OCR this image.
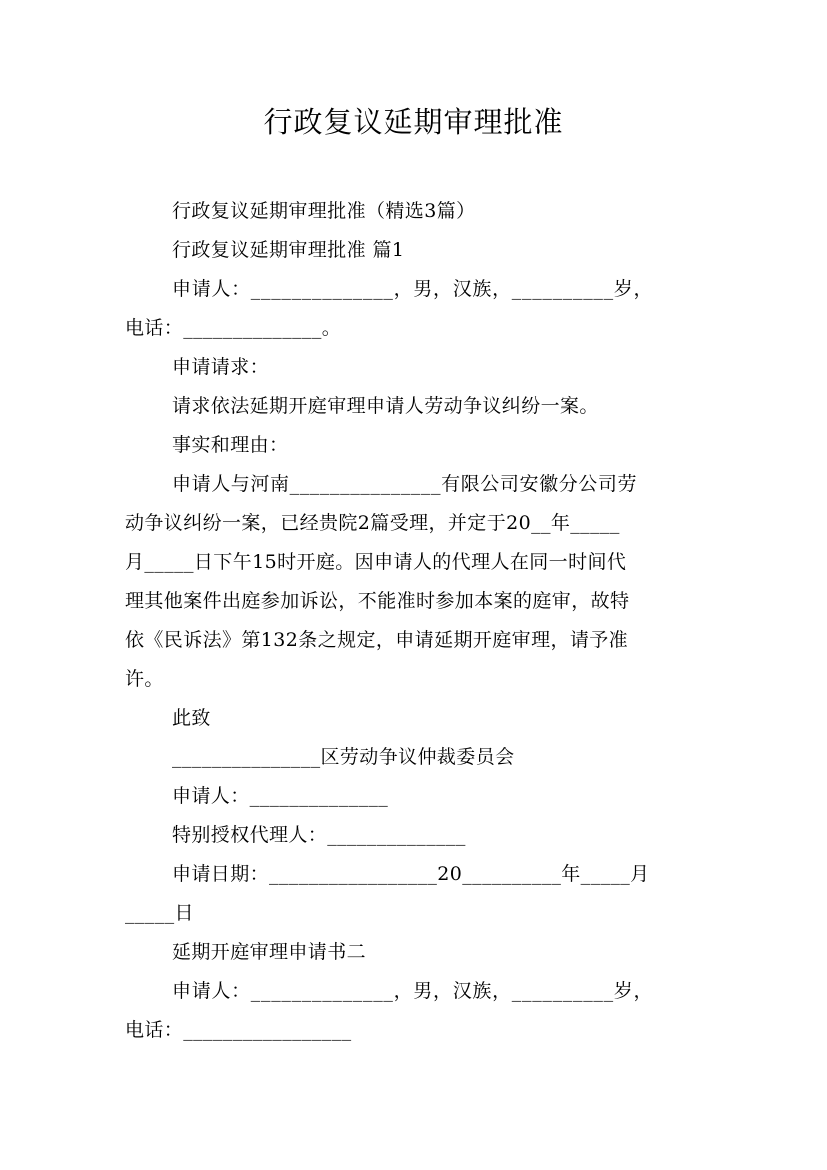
行政复议延期审理批准
行政复议延期审理批准（精选3篇）
行政复议延期审理批准 篇1
申请人：______________，男，汉族，__________岁，
电话：______________。
申请请求：
请求依法延期开庭审理申请人劳动争议纠纷一案。
事实和理由：
申请人与河南_______________有限公司安徽分公司劳
动争议纠纷一案，已经贵院2篇受理，并定于20__年_____
月_____日下午15时开庭。因申请人的代理人在同一时间代
理其他案件出庭参加诉讼，不能准时参加本案的庭审，故特
依《民诉法》第132条之规定，申请延期开庭审理，请予准
许。
此致
_______________区劳动争议仲裁委员会
申请人：______________
特别授权代理人：______________
申请日期：_________________20__________年_____月
_____日
延期开庭审理申请书二
申请人：______________，男，汉族，__________岁，
电话：_________________
